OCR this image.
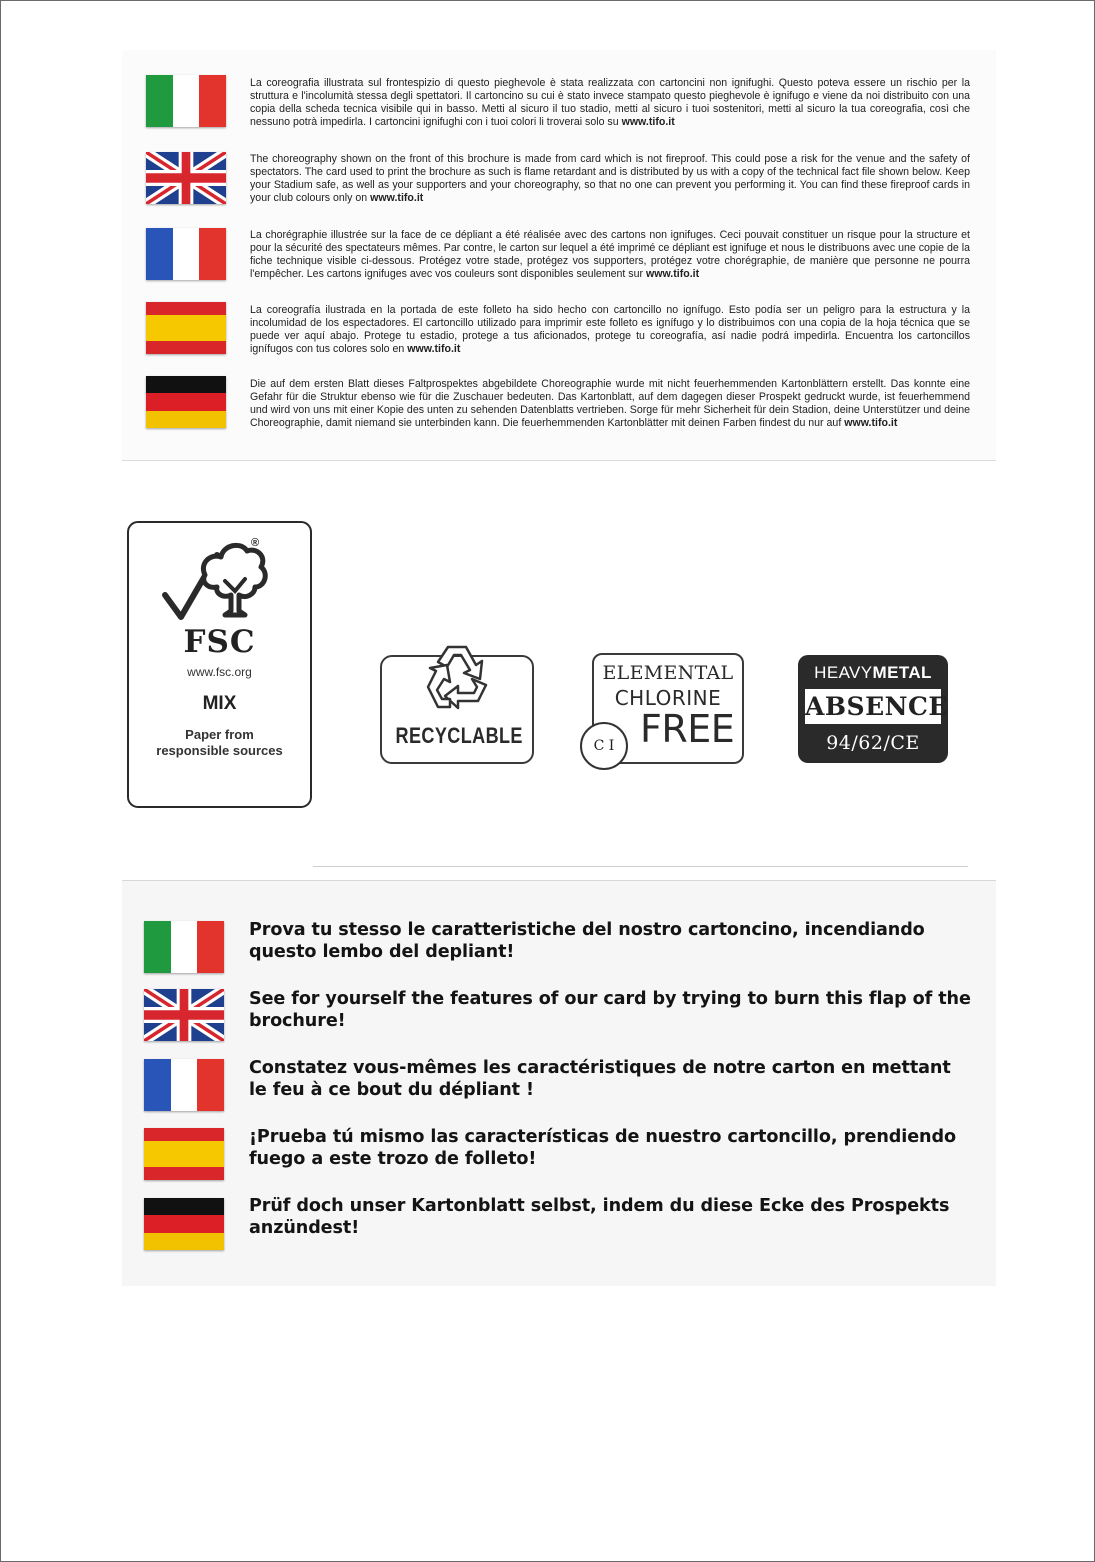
La coreografia illustrata sul frontespizio di questo pieghevole è stata realizzata con cartoncini non ignifughi. Questo poteva essere un rischio per la struttura e l'incolumità stessa degli spettatori. Il cartoncino su cui è stato invece stampato questo pieghevole è ignifugo e viene da noi distribuito con una copia della scheda tecnica visibile qui in basso. Metti al sicuro il tuo stadio, metti al sicuro i tuoi sostenitori, metti al sicuro la tua coreografia, così che nessuno potrà impedirla. I cartoncini ignifughi con i tuoi colori li troverai solo su www.tifo.it
The choreography shown on the front of this brochure is made from card which is not fireproof. This could pose a risk for the venue and the safety of spectators. The card used to print the brochure as such is flame retardant and is distributed by us with a copy of the technical fact file shown below. Keep your Stadium safe, as well as your supporters and your choreography, so that no one can prevent you performing it. You can find these fireproof cards in your club colours only on www.tifo.it
La chorégraphie illustrée sur la face de ce dépliant a été réalisée avec des cartons non ignifuges. Ceci pouvait constituer un risque pour la structure et pour la sécurité des spectateurs mêmes. Par contre, le carton sur lequel a été imprimé ce dépliant est ignifuge et nous le distribuons avec une copie de la fiche technique visible ci-dessous. Protégez votre stade, protégez vos supporters, protégez votre chorégraphie, de manière que personne ne pourra l'empêcher. Les cartons ignifuges avec vos couleurs sont disponibles seulement sur www.tifo.it
La coreografía ilustrada en la portada de este folleto ha sido hecho con cartoncillo no ignífugo. Esto podía ser un peligro para la estructura y la incolumidad de los espectadores. El cartoncillo utilizado para imprimir este folleto es ignífugo y lo distribuimos con una copia de la hoja técnica que se puede ver aquí abajo. Protege tu estadio, protege a tus aficionados, protege tu coreografía, así nadie podrá impedirla. Encuentra los cartoncillos ignífugos con tus colores solo en www.tifo.it
Die auf dem ersten Blatt dieses Faltprospektes abgebildete Choreographie wurde mit nicht feuerhemmenden Kartonblättern erstellt. Das konnte eine Gefahr für die Struktur ebenso wie für die Zuschauer bedeuten. Das Kartonblatt, auf dem dagegen dieser Prospekt gedruckt wurde, ist feuerhemmend und wird von uns mit einer Kopie des unten zu sehenden Datenblatts vertrieben. Sorge für mehr Sicherheit für dein Stadion, deine Unterstützer und deine Choreographie, damit niemand sie unterbinden kann. Die feuerhemmenden Kartonblätter mit deinen Farben findest du nur auf www.tifo.it
®
FSC
www.fsc.org
MIX
Paper from
responsible sources
RECYCLABLE
ELEMENTAL
CHLORINE
FREE
C I
HEAVYMETAL
ABSENCE
94/62/CE
Prova tu stesso le caratteristiche del nostro cartoncino, incendiando questo lembo del depliant!
See for yourself the features of our card by trying to burn this flap of the brochure!
Constatez vous-mêmes les caractéristiques de notre carton en mettant le feu à ce bout du dépliant !
¡Prueba tú mismo las características de nuestro cartoncillo, prendiendo fuego a este trozo de folleto!
Prüf doch unser Kartonblatt selbst, indem du diese Ecke des Prospekts anzündest!
